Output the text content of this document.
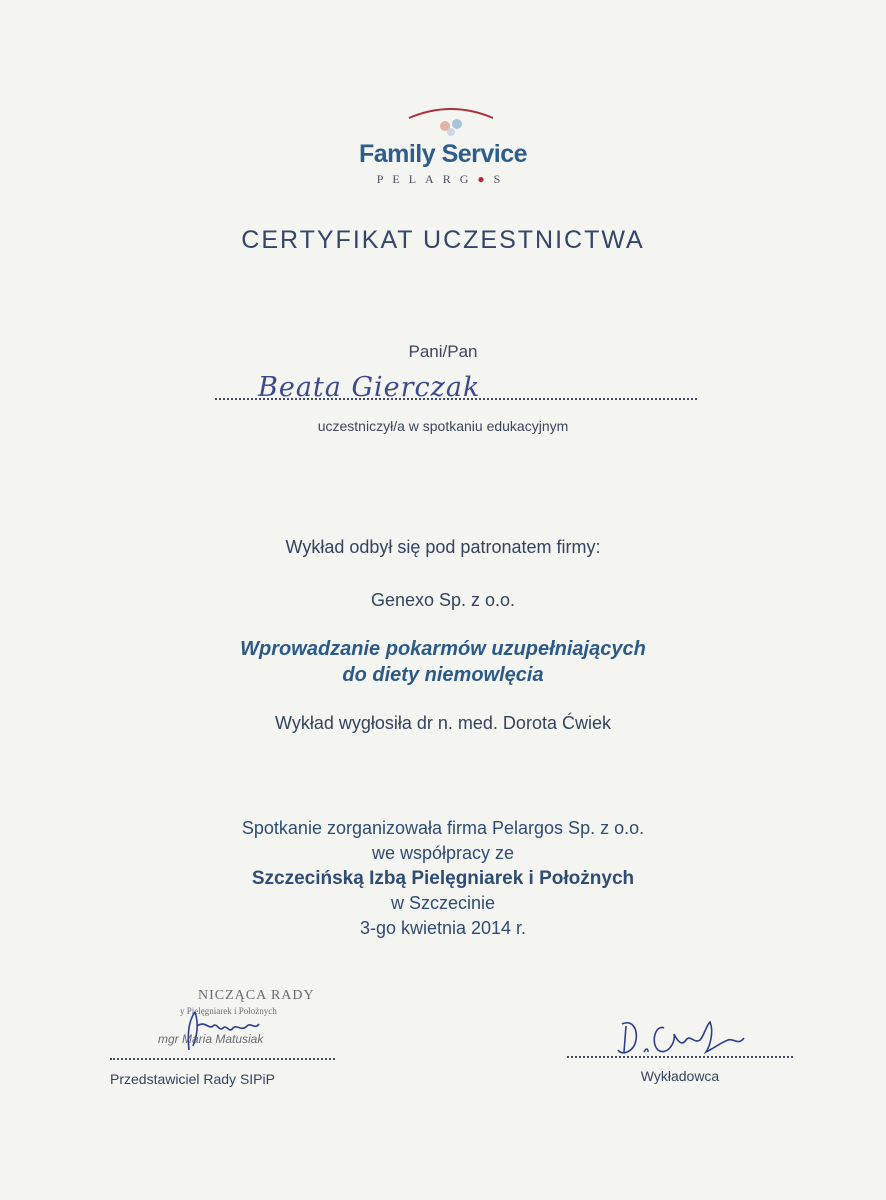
Family Service
PELARG●S
CERTYFIKAT UCZESTNICTWA
Pani/Pan
Beata Gierczak
uczestniczył/a w spotkaniu edukacyjnym
Wykład odbył się pod patronatem firmy:
Genexo Sp. z o.o.
Wprowadzanie pokarmów uzupełniających
do diety niemowlęcia
Wykład wygłosiła dr n. med. Dorota Ćwiek
Spotkanie zorganizowała firma Pelargos Sp. z o.o.
we współpracy ze
Szczecińską Izbą Pielęgniarek i Położnych
w Szczecinie
3-go kwietnia 2014 r.
NICZĄCA RADY
y Pielęgniarek i Położnych
mgr Maria Matusiak
Przedstawiciel Rady SIPiP	Wykładowca
